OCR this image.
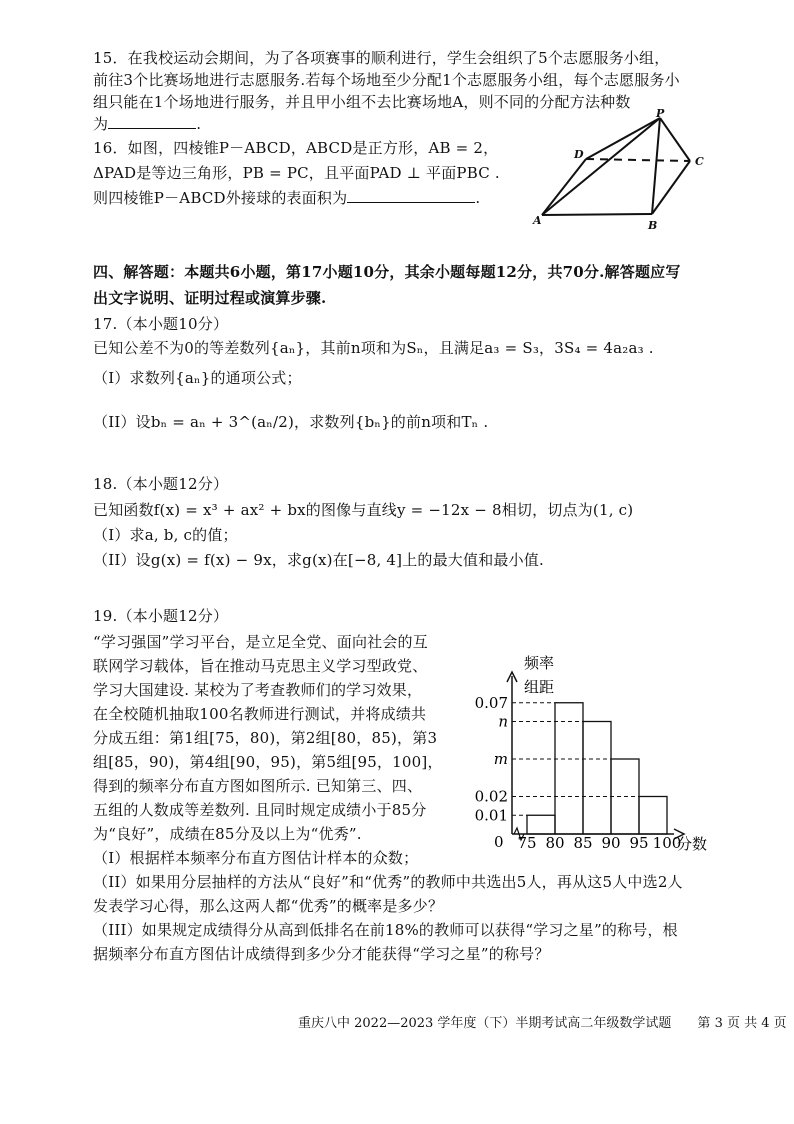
15．在我校运动会期间，为了各项赛事的顺利进行，学生会组织了5个志愿服务小组，
前往3个比赛场地进行志愿服务.若每个场地至少分配1个志愿服务小组，每个志愿服务小
组只能在1个场地进行服务，并且甲小组不去比赛场地A，则不同的分配方法种数
为	.
16．如图，四棱锥P－ABCD，ABCD是正方形，AB = 2，
ΔPAD是等边三角形，PB = PC，且平面PAD ⊥ 平面PBC .
则四棱锥P－ABCD外接球的表面积为	.
P
D
C
A	B
四、解答题：本题共6小题，第17小题10分，其余小题每题12分，共70分.解答题应写
出文字说明、证明过程或演算步骤.
17.（本小题10分）
已知公差不为0的等差数列{aₙ}，其前n项和为Sₙ，且满足a₃ = S₃，3S₄ = 4a₂a₃ .
（I）求数列{aₙ}的通项公式；
（II）设bₙ = aₙ + 3^(aₙ/2)，求数列{bₙ}的前n项和Tₙ .
18.（本小题12分）
已知函数f(x) = x³ + ax² + bx的图像与直线y = −12x − 8相切，切点为(1, c)
（I）求a, b, c的值；
（II）设g(x) = f(x) − 9x，求g(x)在[−8, 4]上的最大值和最小值.
19.（本小题12分）
“学习强国”学习平台，是立足全党、面向社会的互
联网学习载体，旨在推动马克思主义学习型政党、
学习大国建设. 某校为了考查教师们的学习效果，
在全校随机抽取100名教师进行测试，并将成绩共
分成五组：第1组[75，80)，第2组[80，85)，第3
组[85，90)，第4组[90，95)，第5组[95，100]，
得到的频率分布直方图如图所示. 已知第三、四、
五组的人数成等差数列. 且同时规定成绩小于85分
为“良好”，成绩在85分及以上为“优秀”.
（I）根据样本频率分布直方图估计样本的众数；
（II）如果用分层抽样的方法从“良好”和“优秀”的教师中共选出5人，再从这5人中选2人
发表学习心得，那么这两人都“优秀”的概率是多少？
（III）如果规定成绩得分从高到低排名在前18%的教师可以获得“学习之星”的称号，根
据频率分布直方图估计成绩得到多少分才能获得“学习之星”的称号？
频率
组距
分数
0
0.07
n
m
0.02
0.01
75 80 85 90 95 100
重庆八中 2022—2023 学年度（下）半期考试高二年级数学试题　　第 3 页 共 4 页
